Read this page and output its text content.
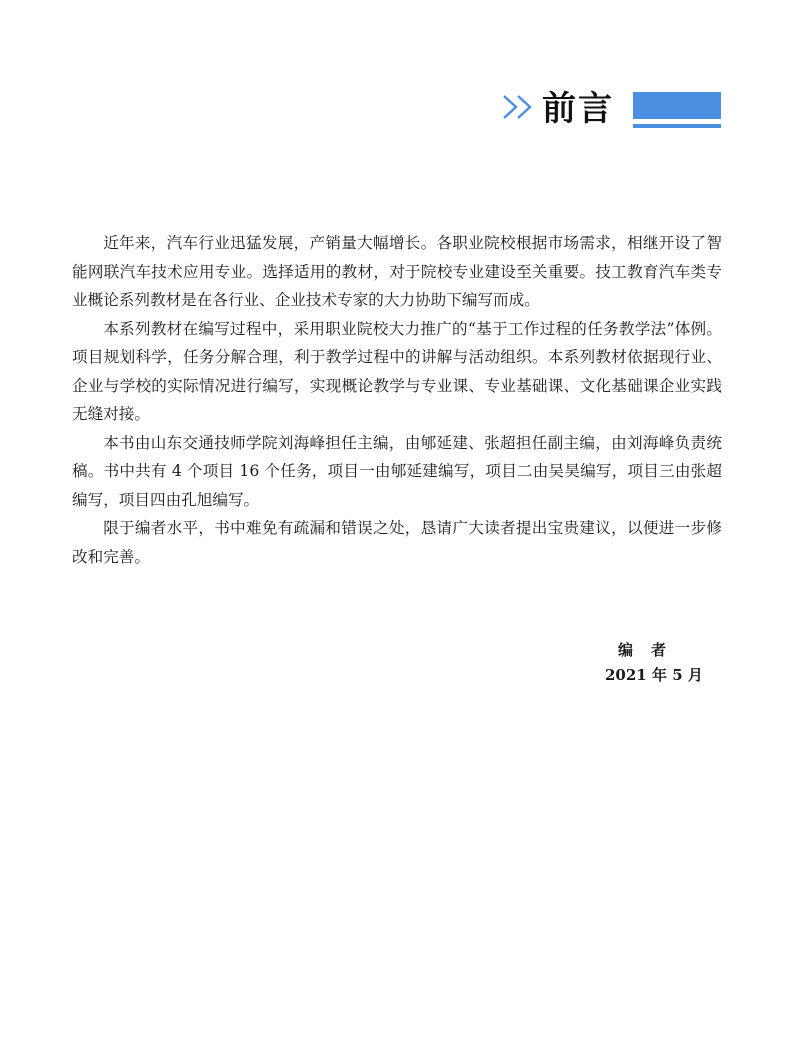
前言

近年来，汽车行业迅猛发展，产销量大幅增长。各职业院校根据市场需求，相继开设了智能网联汽车技术应用专业。选择适用的教材，对于院校专业建设至关重要。技工教育汽车类专业概论系列教材是在各行业、企业技术专家的大力协助下编写而成。

本系列教材在编写过程中，采用职业院校大力推广的“基于工作过程的任务教学法”体例。项目规划科学，任务分解合理，利于教学过程中的讲解与活动组织。本系列教材依据现行业、企业与学校的实际情况进行编写，实现概论教学与专业课、专业基础课、文化基础课企业实践无缝对接。

本书由山东交通技师学院刘海峰担任主编，由郇延建、张超担任副主编，由刘海峰负责统稿。书中共有 4 个项目 16 个任务，项目一由郇延建编写，项目二由吴昊编写，项目三由张超编写，项目四由孔旭编写。

限于编者水平，书中难免有疏漏和错误之处，恳请广大读者提出宝贵建议，以便进一步修改和完善。

编者
2021 年 5 月
